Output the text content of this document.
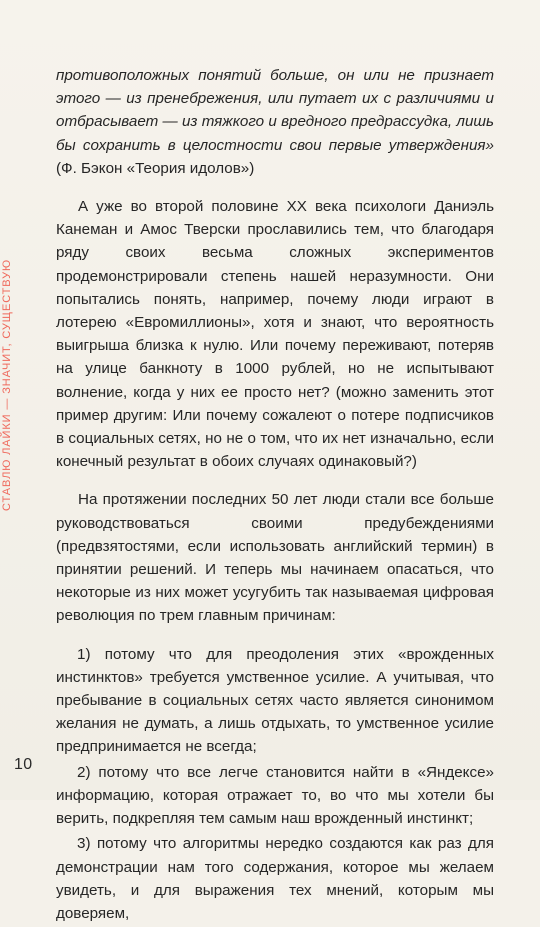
СТАВЛЮ ЛАЙКИ — ЗНАЧИТ, СУЩЕСТВУЮ

противоположных понятий больше, он или не признает этого — из пренебрежения, или путает их с различиями и отбрасывает — из тяжкого и вредного предрассудка, лишь бы сохранить в целостности свои первые утверждения» (Ф. Бэкон «Теория идолов»)

А уже во второй половине XX века психологи Даниэль Канеман и Амос Тверски прославились тем, что благодаря ряду своих весьма сложных экспериментов продемонстрировали степень нашей неразумности. Они попытались понять, например, почему люди играют в лотерею «Евромиллионы», хотя и знают, что вероятность выигрыша близка к нулю. Или почему переживают, потеряв на улице банкноту в 1000 рублей, но не испытывают волнение, когда у них ее просто нет? (можно заменить этот пример другим: Или почему сожалеют о потере подписчиков в социальных сетях, но не о том, что их нет изначально, если конечный результат в обоих случаях одинаковый?)

На протяжении последних 50 лет люди стали все больше руководствоваться своими предубеждениями (предвзятостями, если использовать английский термин) в принятии решений. И теперь мы начинаем опасаться, что некоторые из них может усугубить так называемая цифровая революция по трем главным причинам:

1) потому что для преодоления этих «врожденных инстинктов» требуется умственное усилие. А учитывая, что пребывание в социальных сетях часто является синонимом желания не думать, а лишь отдыхать, то умственное усилие предпринимается не всегда;

2) потому что все легче становится найти в «Яндексе» информацию, которая отражает то, во что мы хотели бы верить, подкрепляя тем самым наш врожденный инстинкт;

3) потому что алгоритмы нередко создаются как раз для демонстрации нам того содержания, которое мы желаем увидеть, и для выражения тех мнений, которым мы доверяем,

10
